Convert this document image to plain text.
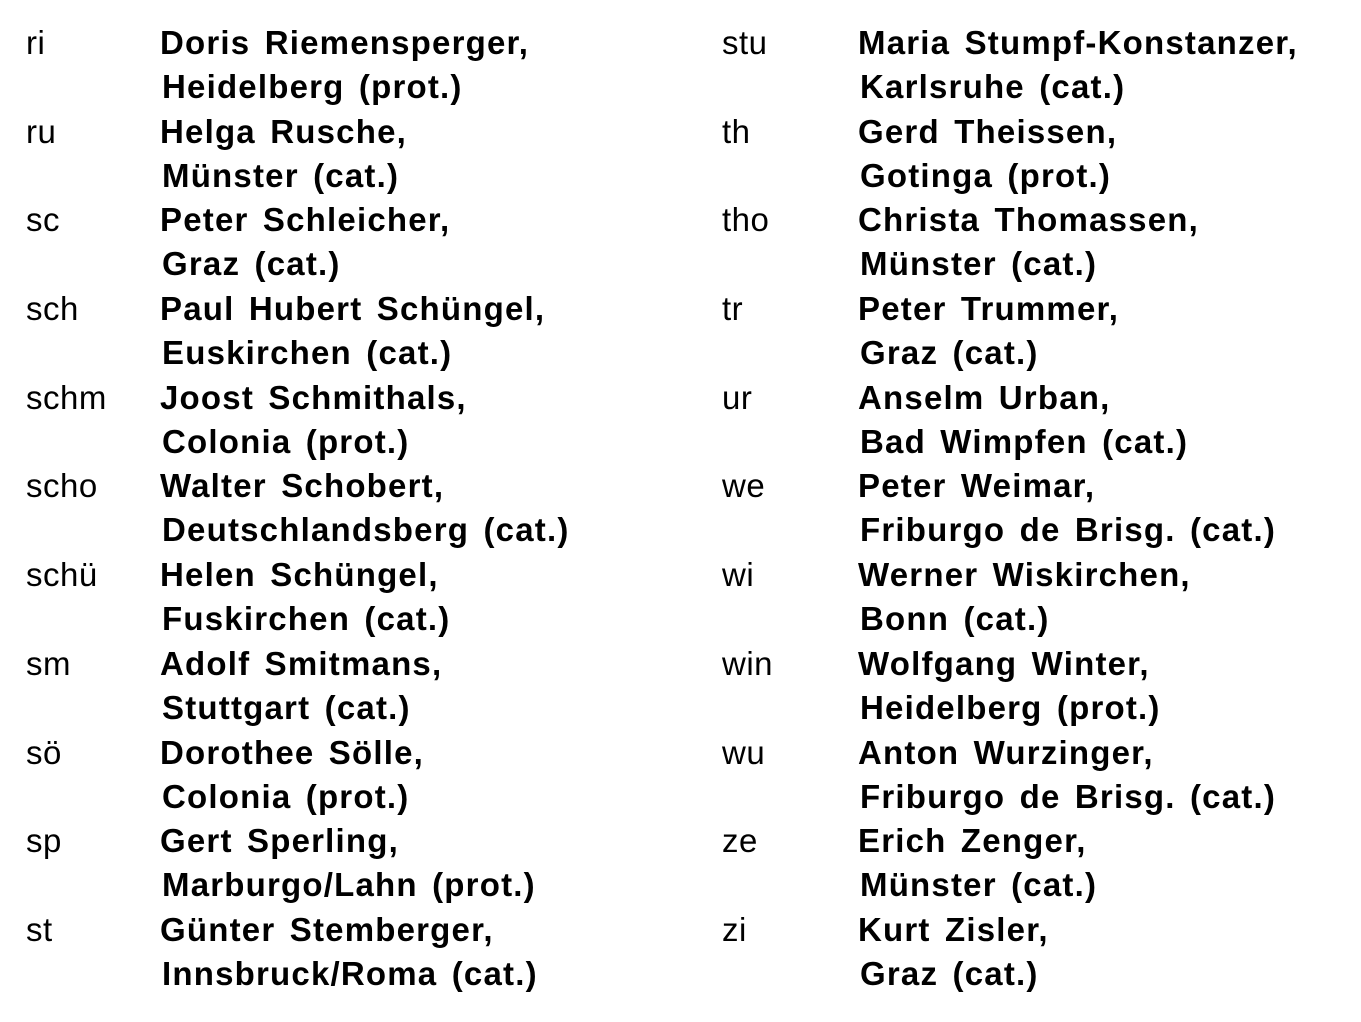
ri	Doris Riemensperger,
Heidelberg (prot.)
ru	Helga Rusche,
Münster (cat.)
sc	Peter Schleicher,
Graz (cat.)
sch Paul Hubert Schüngel,
Euskirchen (cat.)
schm Joost Schmithals,
Colonia (prot.)
scho Walter Schobert,
Deutschlandsberg (cat.)
schü Helen Schüngel,
Fuskirchen (cat.)
sm	Adolf Smitmans,
Stuttgart (cat.)
sö	Dorothee Sölle,
Colonia (prot.)
sp	Gert Sperling,
Marburgo/Lahn (prot.)
st	Günter Stemberger,
Innsbruck/Roma (cat.)
stu	Maria Stumpf-Konstanzer,
Karlsruhe (cat.)
th	Gerd Theissen,
Gotinga (prot.)
tho	Christa Thomassen,
Münster (cat.)
tr	Peter Trummer,
Graz (cat.)
ur	Anselm Urban,
Bad Wimpfen (cat.)
we	Peter Weimar,
Friburgo de Brisg. (cat.)
wi	Werner Wiskirchen,
Bonn (cat.)
win	Wolfgang Winter,
Heidelberg (prot.)
wu	Anton Wurzinger,
Friburgo de Brisg. (cat.)
ze	Erich Zenger,
Münster (cat.)
zi	Kurt Zisler,
Graz (cat.)
